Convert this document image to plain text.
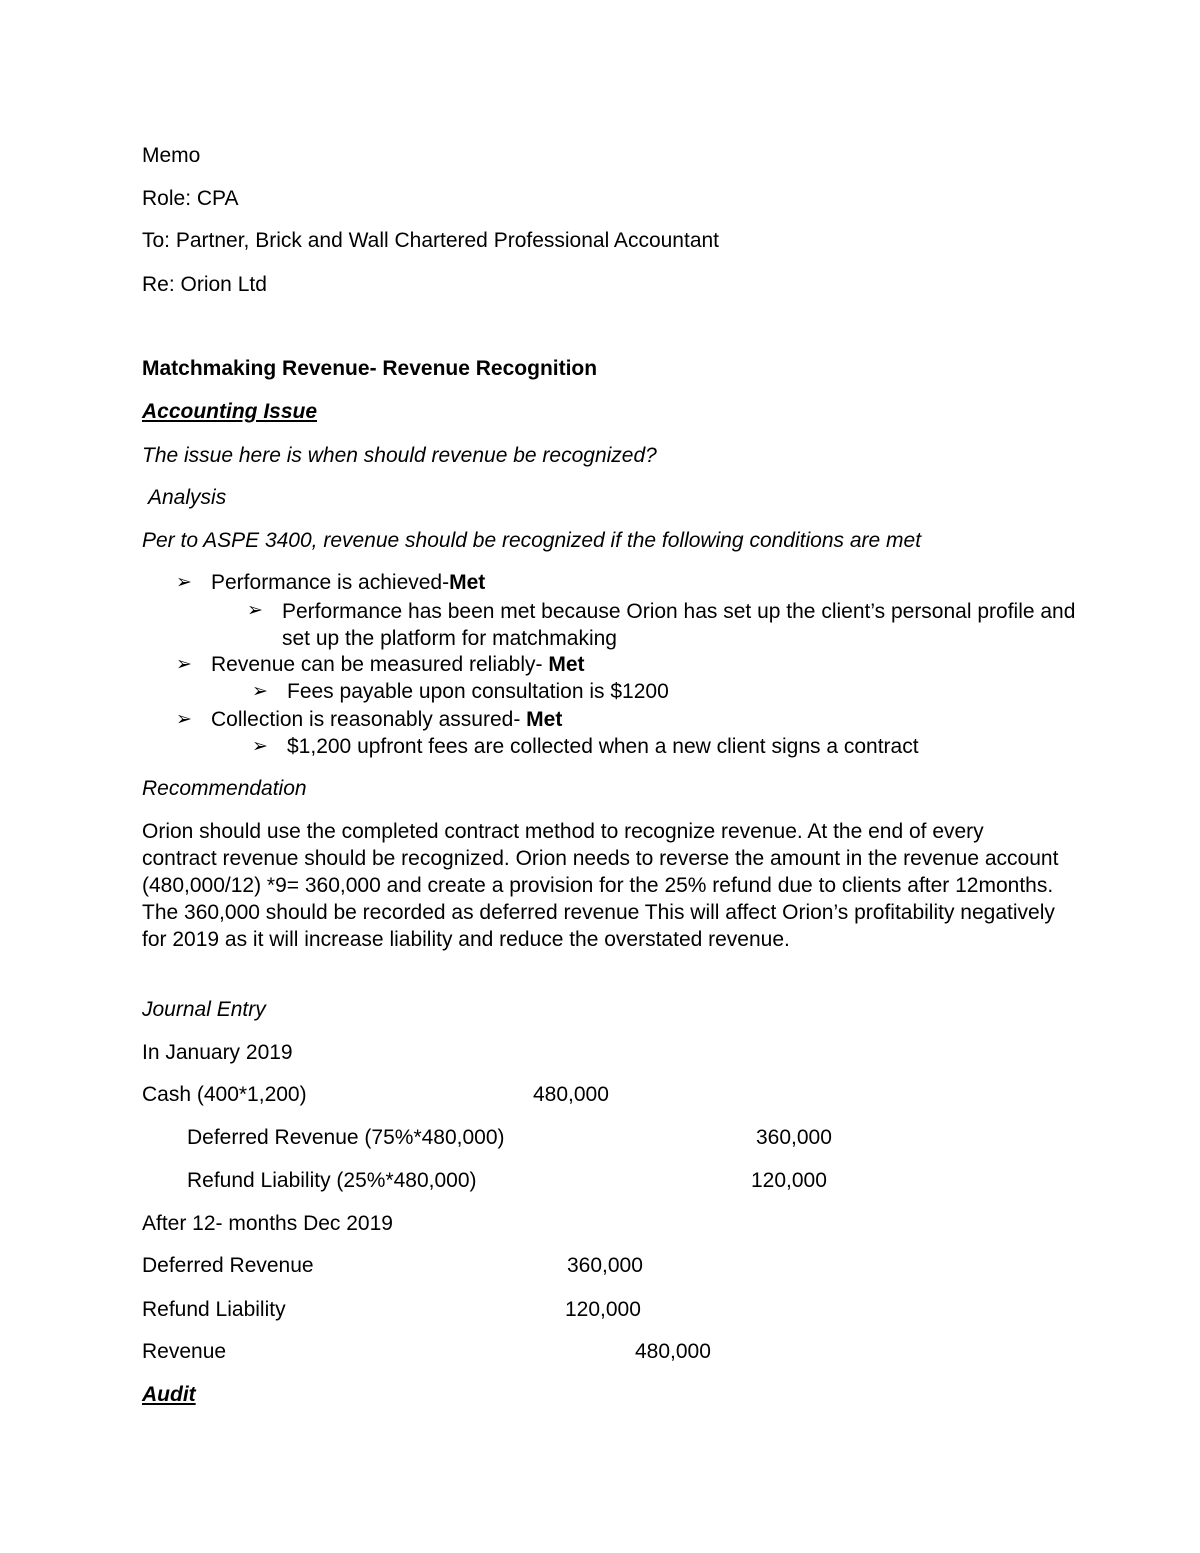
Memo
Role: CPA
To: Partner, Brick and Wall Chartered Professional Accountant
Re: Orion Ltd
Matchmaking Revenue- Revenue Recognition
Accounting Issue
The issue here is when should revenue be recognized?
Analysis
Per to ASPE 3400, revenue should be recognized if the following conditions are met
➢ Performance is achieved-Met
➢ Performance has been met because Orion has set up the client’s personal profile and set up the platform for matchmaking
➢ Revenue can be measured reliably- Met
➢ Fees payable upon consultation is $1200
➢ Collection is reasonably assured- Met
➢ $1,200 upfront fees are collected when a new client signs a contract
Recommendation
Orion should use the completed contract method to recognize revenue. At the end of every contract revenue should be recognized. Orion needs to reverse the amount in the revenue account (480,000/12) *9= 360,000 and create a provision for the 25% refund due to clients after 12months. The 360,000 should be recorded as deferred revenue This will affect Orion’s profitability negatively for 2019 as it will increase liability and reduce the overstated revenue.
Journal Entry
In January 2019
Cash (400*1,200)	480,000
Deferred Revenue (75%*480,000)	360,000
Refund Liability (25%*480,000)	120,000
After 12- months Dec 2019
Deferred Revenue	360,000
Refund Liability	120,000
Revenue	480,000
Audit
